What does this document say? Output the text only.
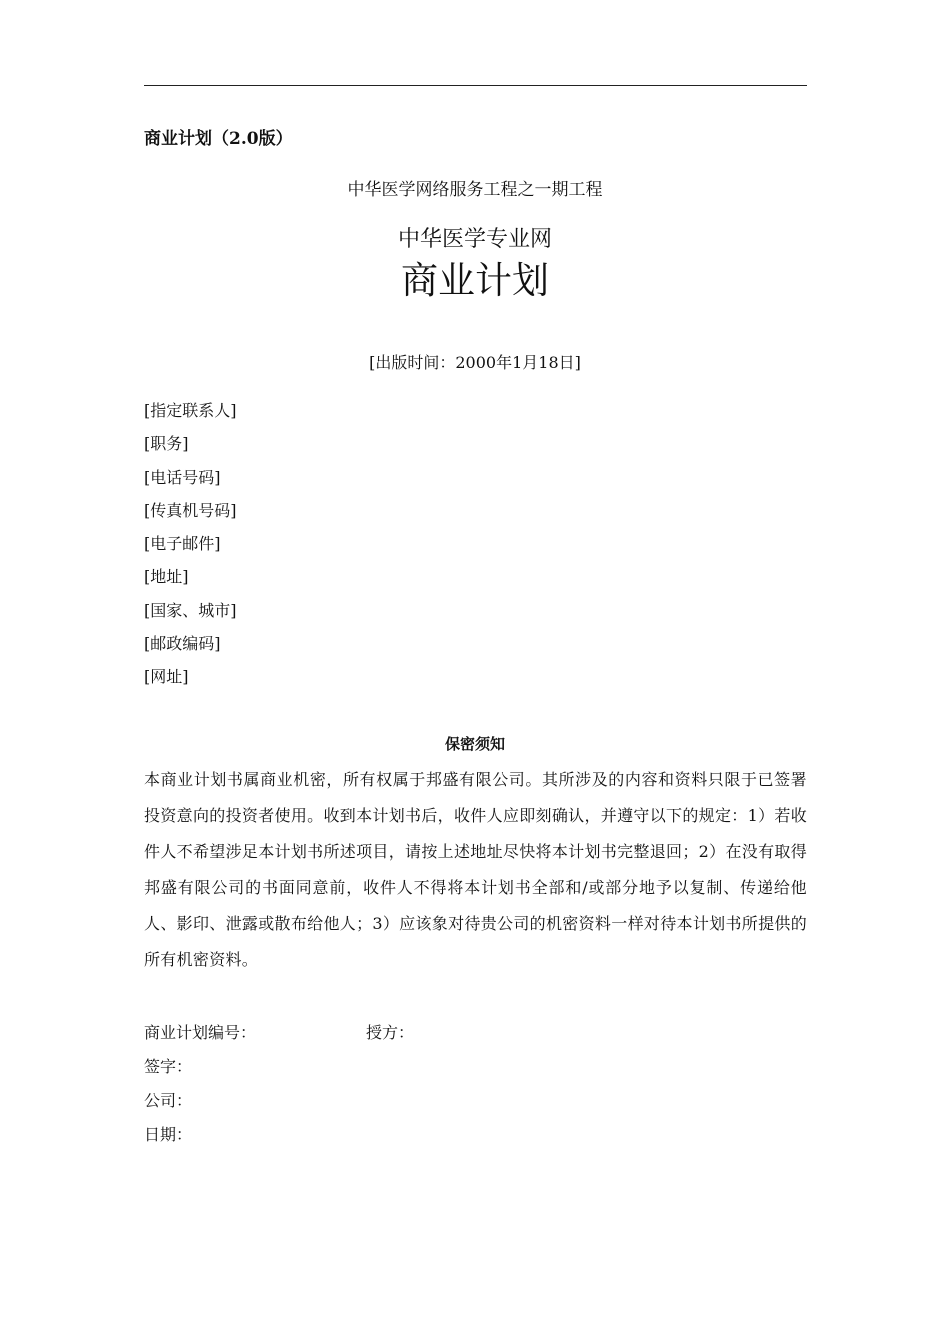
商业计划（2.0版）
中华医学网络服务工程之一期工程
中华医学专业网
商业计划
[出版时间：2000年1月18日]
[指定联系人]
[职务]
[电话号码]
[传真机号码]
[电子邮件]
[地址]
[国家、城市]
[邮政编码]
[网址]
保密须知

本商业计划书属商业机密，所有权属于邦盛有限公司。其所涉及的内容和资料只限于已签署投资意向的投资者使用。收到本计划书后，收件人应即刻确认，并遵守以下的规定：1）若收件人不希望涉足本计划书所述项目，请按上述地址尽快将本计划书完整退回；2）在没有取得邦盛有限公司的书面同意前，收件人不得将本计划书全部和/或部分地予以复制、传递给他人、影印、泄露或散布给他人；3）应该象对待贵公司的机密资料一样对待本计划书所提供的所有机密资料。

商业计划编号：	授方：
签字：
公司：
日期：
